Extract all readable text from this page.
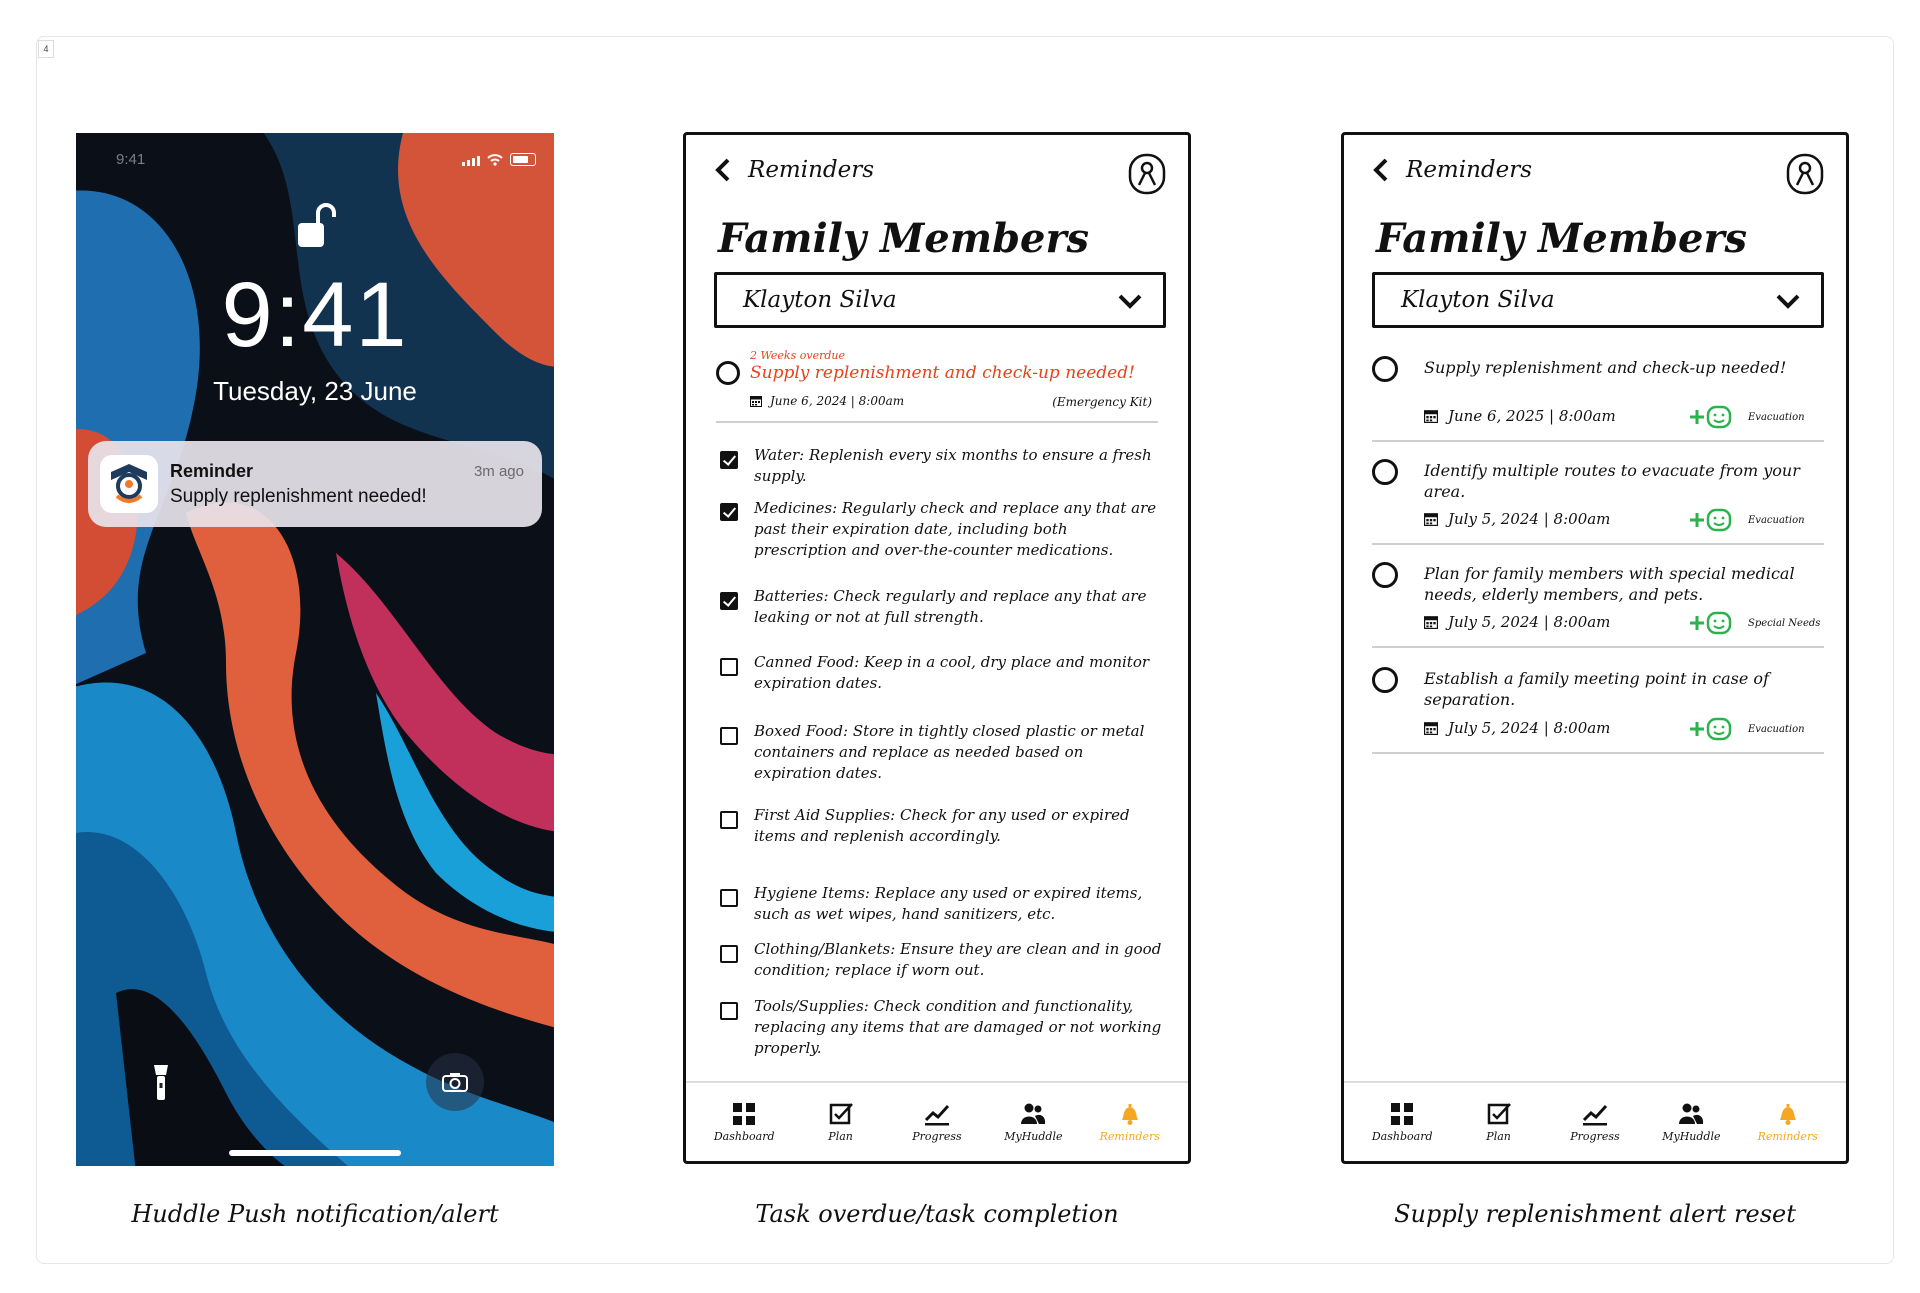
4
9:41
9:41
Tuesday, 23 June
Reminder
Supply replenishment needed!
3m ago
Reminders
Family Members
Klayton Silva
2 Weeks overdue
Supply replenishment and check-up needed!
June 6, 2024 | 8:00am	(Emergency Kit)
Water: Replenish every six months to ensure a fresh supply.
Medicines: Regularly check and replace any that are past their expiration date, including both prescription and over-the-counter medications.
Batteries: Check regularly and replace any that are leaking or not at full strength.
Canned Food: Keep in a cool, dry place and monitor expiration dates.
Boxed Food: Store in tightly closed plastic or metal containers and replace as needed based on expiration dates.
First Aid Supplies: Check for any used or expired items and replenish accordingly.
Hygiene Items: Replace any used or expired items, such as wet wipes, hand sanitizers, etc.
Clothing/Blankets: Ensure they are clean and in good condition; replace if worn out.
Tools/Supplies: Check condition and functionality, replacing any items that are damaged or not working properly.
Dashboard	Plan	Progress	MyHuddle	Reminders
Reminders
Family Members
Klayton Silva
Supply replenishment and check-up needed!
June 6, 2025 | 8:00am	Evacuation
Identify multiple routes to evacuate from your area.
July 5, 2024 | 8:00am	Evacuation
Plan for family members with special medical needs, elderly members, and pets.
July 5, 2024 | 8:00am	Special Needs
Establish a family meeting point in case of separation.
July 5, 2024 | 8:00am	Evacuation
Dashboard	Plan	Progress	MyHuddle	Reminders
Huddle Push notification/alert	Task overdue/task completion	Supply replenishment alert reset
